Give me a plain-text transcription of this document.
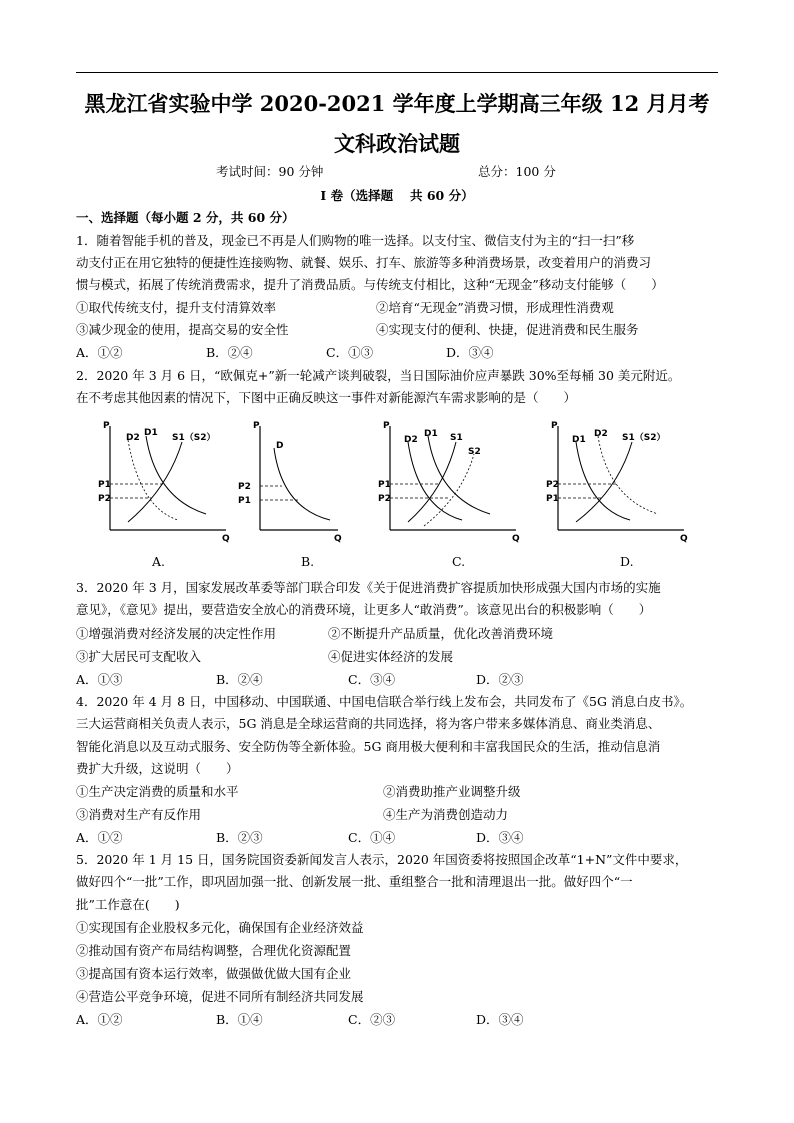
黑龙江省实验中学 2020-2021 学年度上学期高三年级 12 月月考
文科政治试题
考试时间：90 分钟	总分：100 分
I 卷（选择题　 共 60 分）
一、选择题（每小题 2 分，共 60 分）
1．随着智能手机的普及，现金已不再是人们购物的唯一选择。以支付宝、微信支付为主的“扫一扫”移
动支付正在用它独特的便捷性连接购物、就餐、娱乐、打车、旅游等多种消费场景，改变着用户的消费习
惯与模式，拓展了传统消费需求，提升了消费品质。与传统支付相比，这种“无现金”移动支付能够（　　）
①取代传统支付，提升支付清算效率	②培育“无现金”消费习惯，形成理性消费观
③减少现金的使用，提高交易的安全性	④实现支付的便利、快捷，促进消费和民生服务
A．①②	B．②④	C．①③	D．③④
2．2020 年 3 月 6 日，“欧佩克+”新一轮减产谈判破裂，当日国际油价应声暴跌 30%至每桶 30 美元附近。
在不考虑其他因素的情况下，下图中正确反映这一事件对新能源汽车需求影响的是（　　）
P
Q
D2 D1 S1（S2）
P1
P2
P
Q
D
P2
P1
P
Q
D2
D1 S1
S2
P1
P2
P
Q
D1
D2 S1（S2）
P2
P1
A.	B.	C.	D.
3．2020 年 3 月，国家发展改革委等部门联合印发《关于促进消费扩容提质加快形成强大国内市场的实施
意见》，《意见》提出，要营造安全放心的消费环境，让更多人“敢消费”。该意见出台的积极影响（　　）
①增强消费对经济发展的决定性作用	②不断提升产品质量，优化改善消费环境
③扩大居民可支配收入	④促进实体经济的发展
A．①③	B．②④	C．③④	D．②③
4．2020 年 4 月 8 日，中国移动、中国联通、中国电信联合举行线上发布会，共同发布了《5G 消息白皮书》。
三大运营商相关负责人表示，5G 消息是全球运营商的共同选择，将为客户带来多媒体消息、商业类消息、
智能化消息以及互动式服务、安全防伪等全新体验。5G 商用极大便利和丰富我国民众的生活，推动信息消
费扩大升级，这说明（　　）
①生产决定消费的质量和水平	②消费助推产业调整升级
③消费对生产有反作用	④生产为消费创造动力
A．①②	B．②③	C．①④	D．③④
5．2020 年 1 月 15 日，国务院国资委新闻发言人表示，2020 年国资委将按照国企改革“1+N”文件中要求，
做好四个“一批”工作，即巩固加强一批、创新发展一批、重组整合一批和清理退出一批。做好四个“一
批”工作意在(　　)
①实现国有企业股权多元化，确保国有企业经济效益
②推动国有资产布局结构调整，合理优化资源配置
③提高国有资本运行效率，做强做优做大国有企业
④营造公平竞争环境，促进不同所有制经济共同发展
A．①②	B．①④	C．②③	D．③④
